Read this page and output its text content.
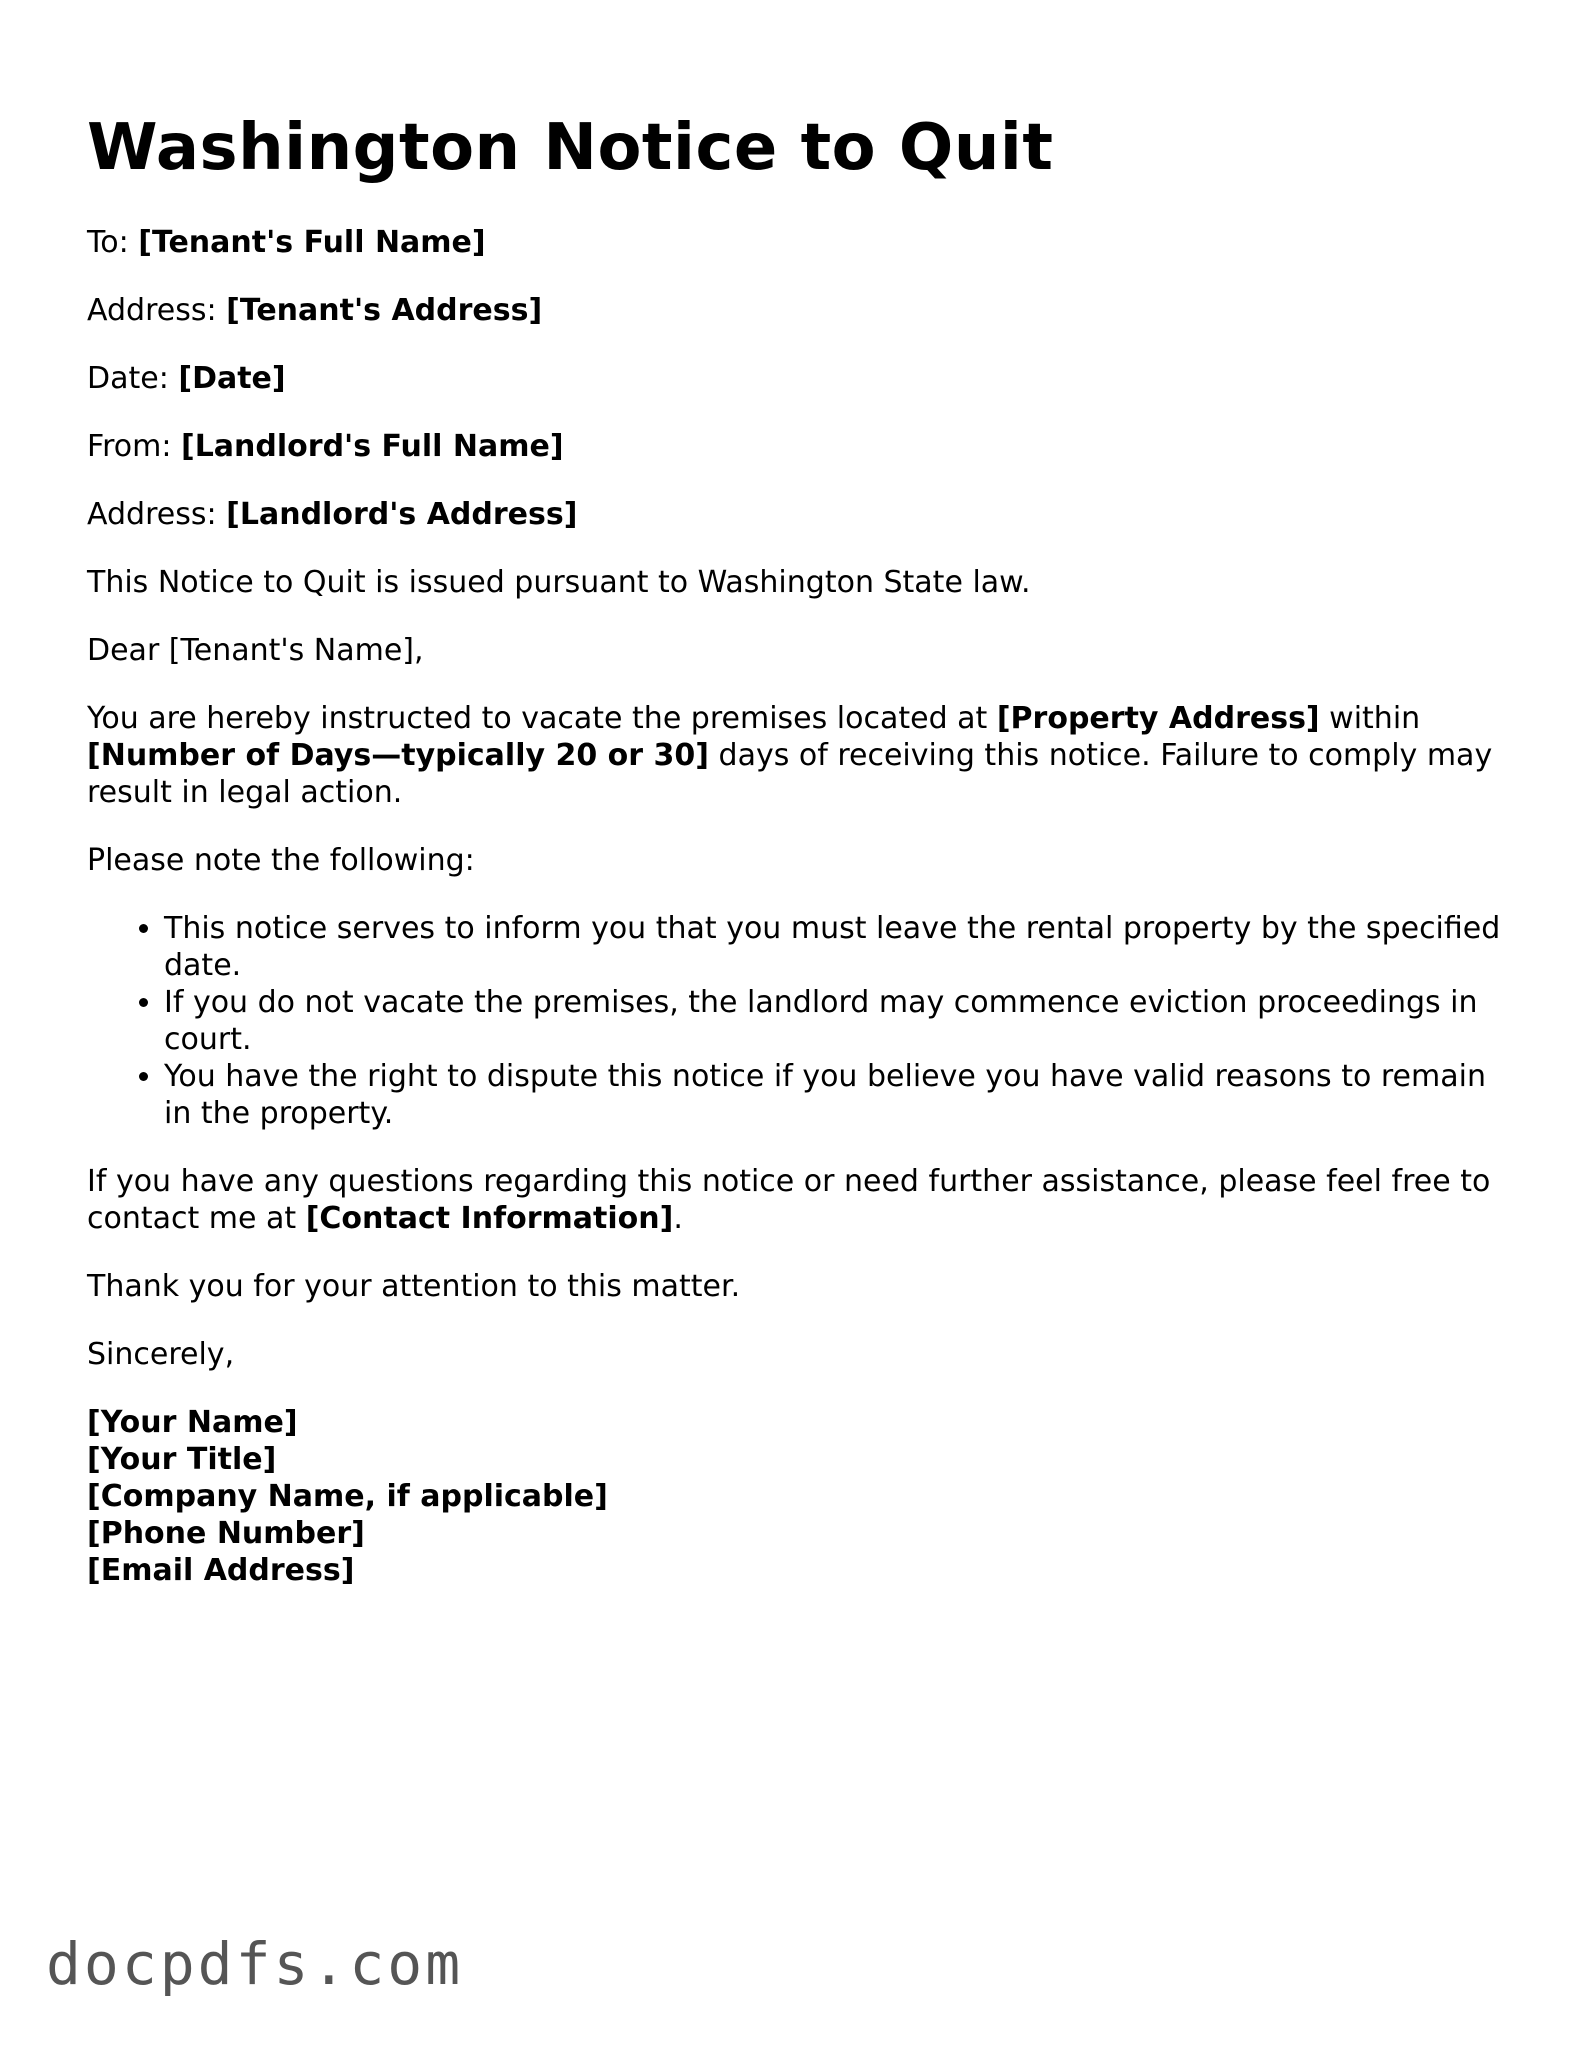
Washington Notice to Quit

To: [Tenant's Full Name]

Address: [Tenant's Address]

Date: [Date]

From: [Landlord's Full Name]

Address: [Landlord's Address]

This Notice to Quit is issued pursuant to Washington State law.

Dear [Tenant's Name],

You are hereby instructed to vacate the premises located at [Property Address] within [Number of Days—typically 20 or 30] days of receiving this notice. Failure to comply may result in legal action.

Please note the following:

• This notice serves to inform you that you must leave the rental property by the specified date.
• If you do not vacate the premises, the landlord may commence eviction proceedings in court.
• You have the right to dispute this notice if you believe you have valid reasons to remain in the property.

If you have any questions regarding this notice or need further assistance, please feel free to contact me at [Contact Information].

Thank you for your attention to this matter.

Sincerely,

[Your Name]
[Your Title]
[Company Name, if applicable]
[Phone Number]
[Email Address]
docpdfs.com
